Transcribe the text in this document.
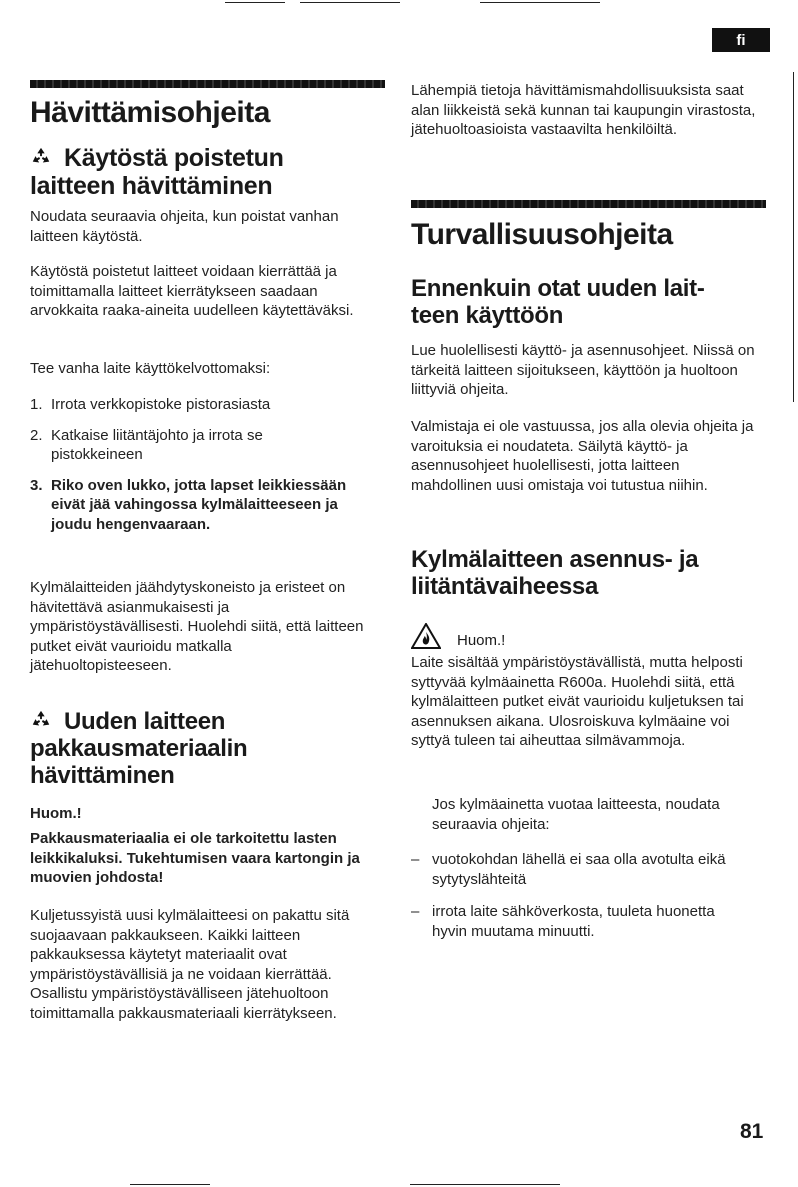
fi
Hävittämisohjeita
Käytöstä poistetun
laitteen hävittäminen

Noudata seuraavia ohjeita, kun poistat vanhan laitteen käytöstä.

Käytöstä poistetut laitteet voidaan kierrättää ja toimittamalla laitteet kierrätykseen saadaan arvokkaita raaka-aineita uudelleen käytettäväksi.

Tee vanha laite käyttökelvottomaksi:

1. Irrota verkkopistoke pistorasiasta
2. Katkaise liitäntäjohto ja irrota se pistokkeineen
3. Riko oven lukko, jotta lapset leikkiessään eivät jää vahingossa kylmälaitteeseen ja joudu hengenvaaraan.

Kylmälaitteiden jäähdytyskoneisto ja eristeet on hävitettävä asianmukaisesti ja ympäristöystävällisesti. Huolehdi siitä, että laitteen putket eivät vaurioidu matkalla jätehuoltopisteeseen.

Uuden laitteen
pakkausmateriaalin
hävittäminen

Huom.!

Pakkausmateriaalia ei ole tarkoitettu lasten leikkikaluksi. Tukehtumisen vaara kartongin ja muovien johdosta!

Kuljetussyistä uusi kylmälaitteesi on pakattu sitä suojaavaan pakkaukseen. Kaikki laitteen pakkauksessa käytetyt materiaalit ovat ympäristöystävällisiä ja ne voidaan kierrättää. Osallistu ympäristöystävälliseen jätehuoltoon toimittamalla pakkausmateriaali kierrätykseen.

Lähempiä tietoja hävittämismahdollisuuksista saat alan liikkeistä sekä kunnan tai kaupungin virastosta, jätehuoltoasioista vastaavilta henkilöiltä.

Turvallisuusohjeita
Ennenkuin otat uuden lait-
teen käyttöön

Lue huolellisesti käyttö- ja asennusohjeet. Niissä on tärkeitä laitteen sijoitukseen, käyttöön ja huoltoon liittyviä ohjeita.

Valmistaja ei ole vastuussa, jos alla olevia ohjeita ja varoituksia ei noudateta. Säilytä käyttö- ja asennusohjeet huolellisesti, jotta laitteen mahdollinen uusi omistaja voi tutustua niihin.

Kylmälaitteen asennus- ja
liitäntävaiheessa
Huom.!

Laite sisältää ympäristöystävällistä, mutta helposti syttyvää kylmäainetta R600a. Huolehdi siitä, että kylmälaitteen putket eivät vaurioidu kuljetuksen tai asennuksen aikana. Ulosroiskuva kylmäaine voi syttyä tuleen tai aiheuttaa silmävammoja.

Jos kylmäainetta vuotaa laitteesta, noudata seuraavia ohjeita:

– vuotokohdan lähellä ei saa olla avotulta eikä sytytyslähteitä
– irrota laite sähköverkosta, tuuleta huonetta hyvin muutama minuutti.
81
